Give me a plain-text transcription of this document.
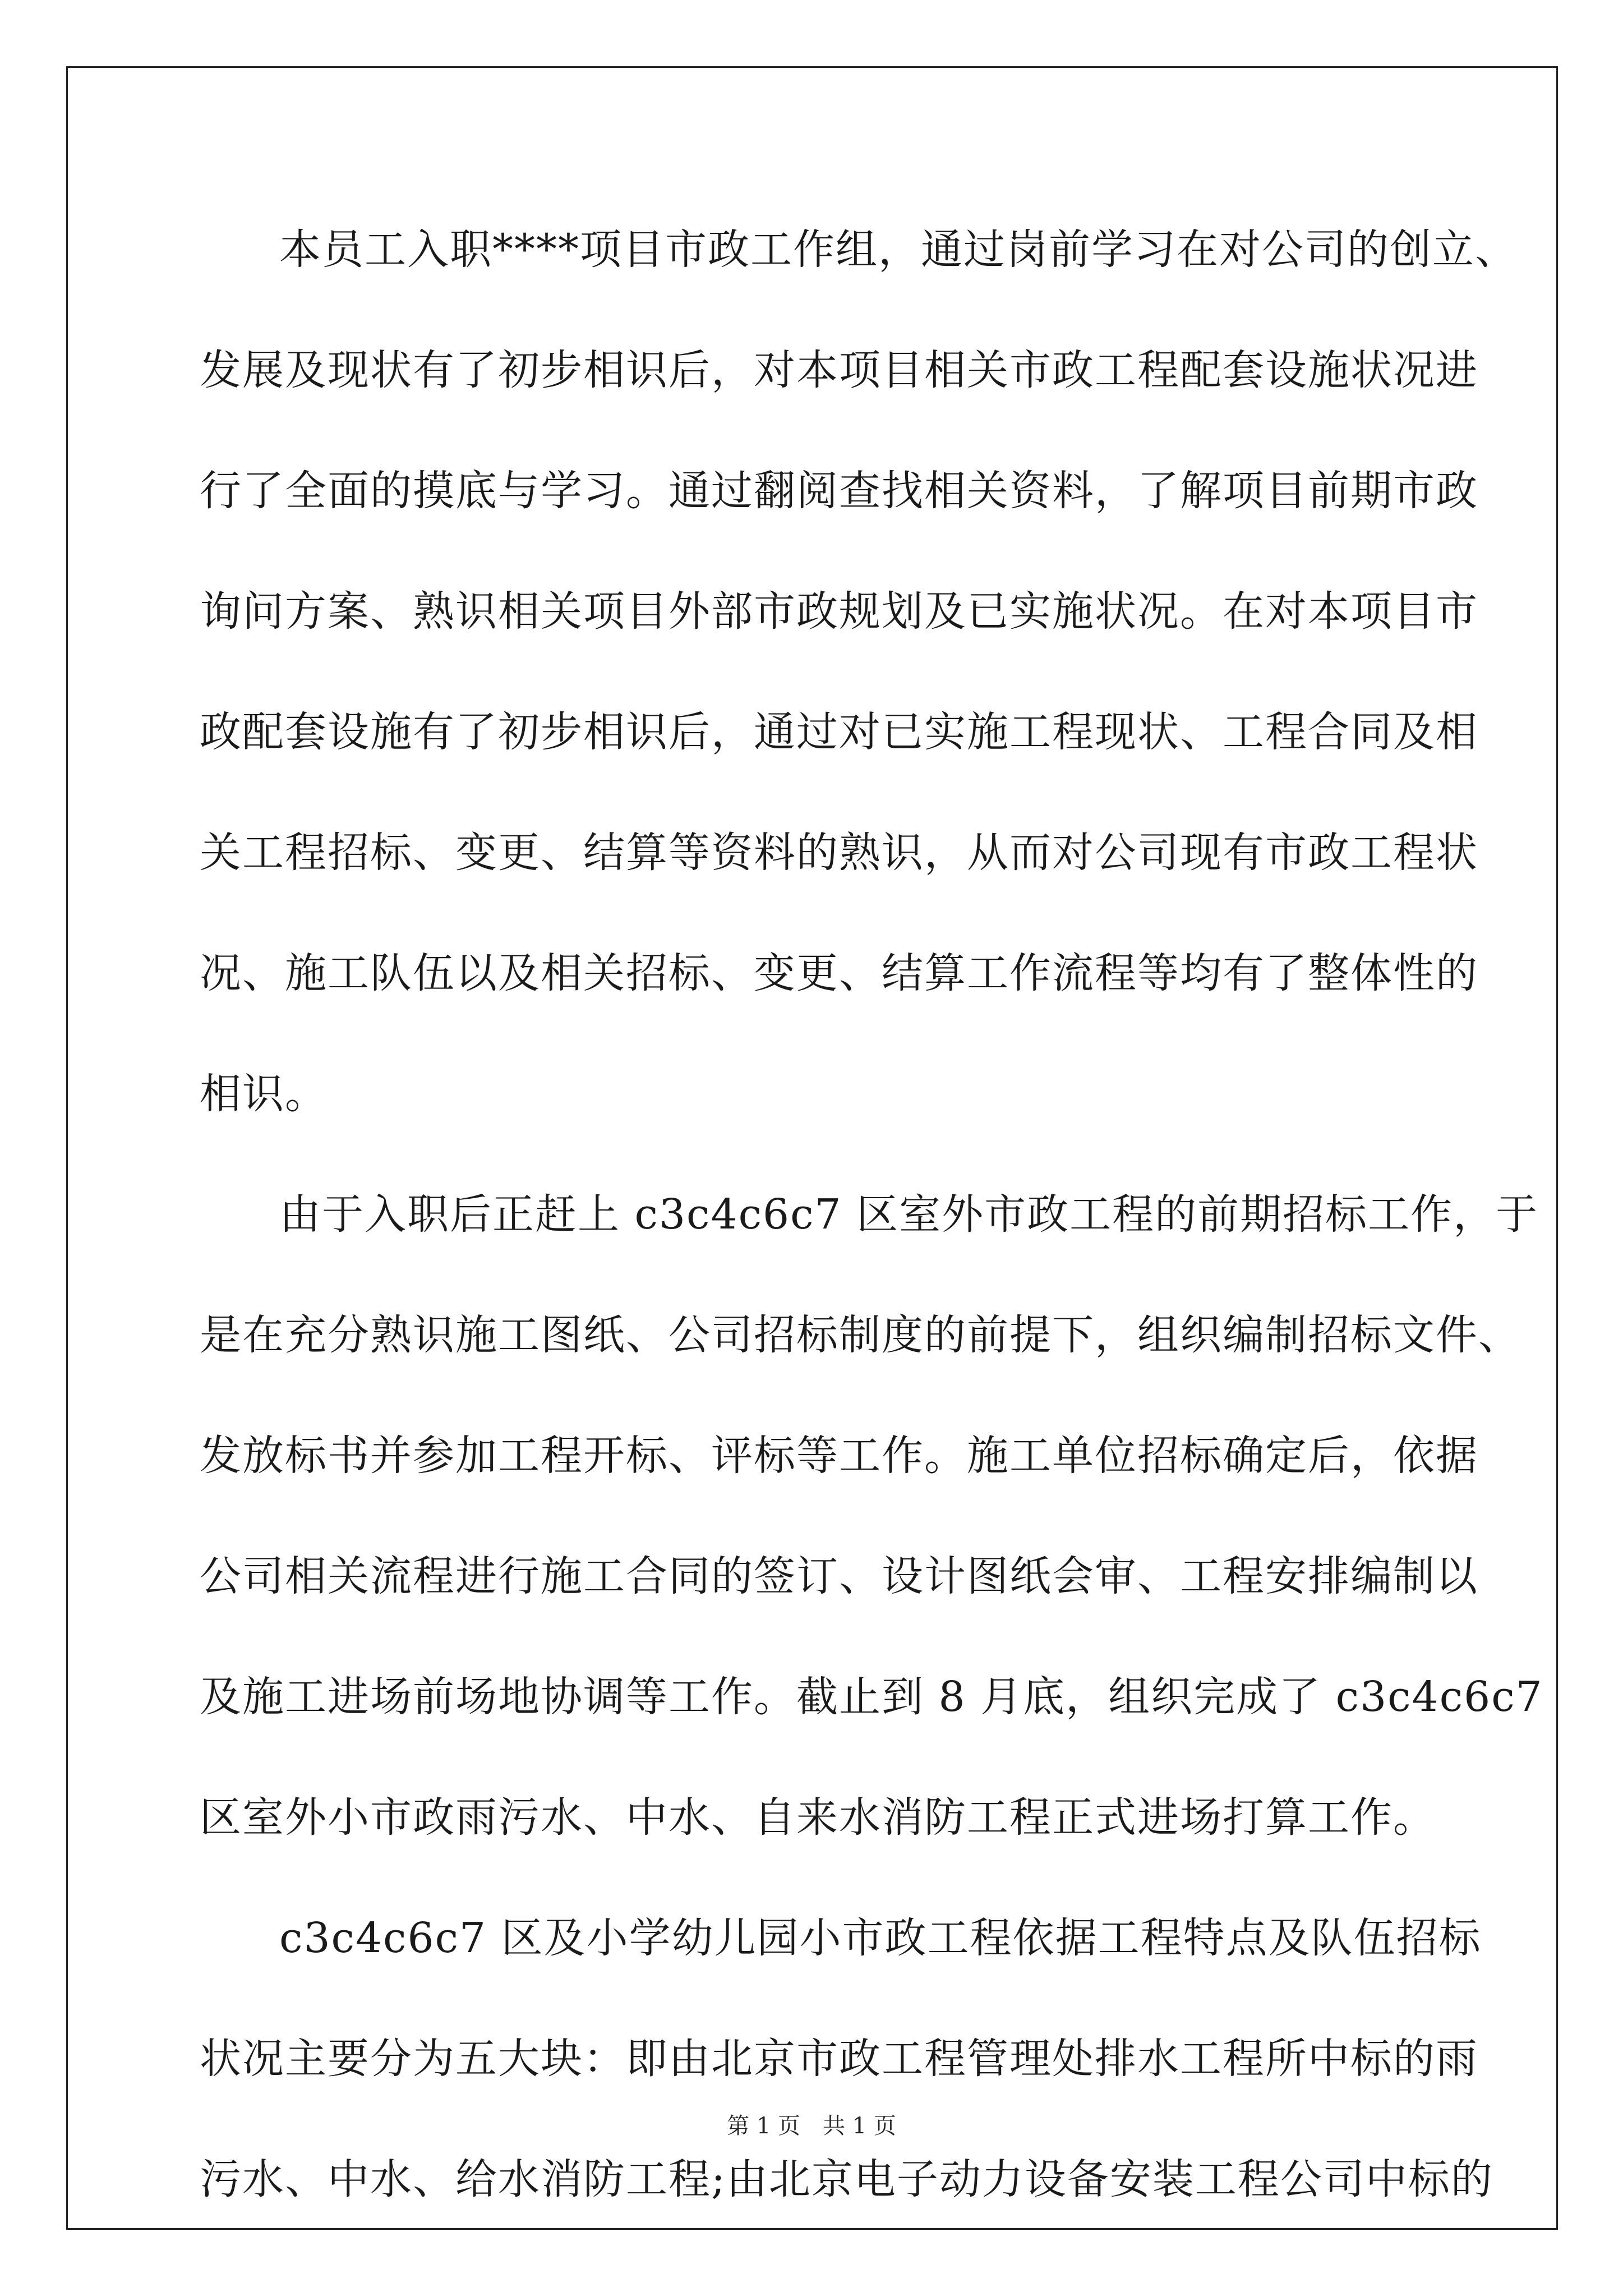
本员工入职****项目市政工作组，通过岗前学习在对公司的创立、
发展及现状有了初步相识后，对本项目相关市政工程配套设施状况进
行了全面的摸底与学习。通过翻阅查找相关资料，了解项目前期市政
询问方案、熟识相关项目外部市政规划及已实施状况。在对本项目市
政配套设施有了初步相识后，通过对已实施工程现状、工程合同及相
关工程招标、变更、结算等资料的熟识，从而对公司现有市政工程状
况、施工队伍以及相关招标、变更、结算工作流程等均有了整体性的
相识。
由于入职后正赶上 c3c4c6c7 区室外市政工程的前期招标工作，于
是在充分熟识施工图纸、公司招标制度的前提下，组织编制招标文件、
发放标书并参加工程开标、评标等工作。施工单位招标确定后，依据
公司相关流程进行施工合同的签订、设计图纸会审、工程安排编制以
及施工进场前场地协调等工作。截止到 8 月底，组织完成了 c3c4c6c7
区室外小市政雨污水、中水、自来水消防工程正式进场打算工作。
c3c4c6c7 区及小学幼儿园小市政工程依据工程特点及队伍招标
状况主要分为五大块：即由北京市政工程管理处排水工程所中标的雨
污水、中水、给水消防工程;由北京电子动力设备安装工程公司中标的
第 1 页 共 1 页
